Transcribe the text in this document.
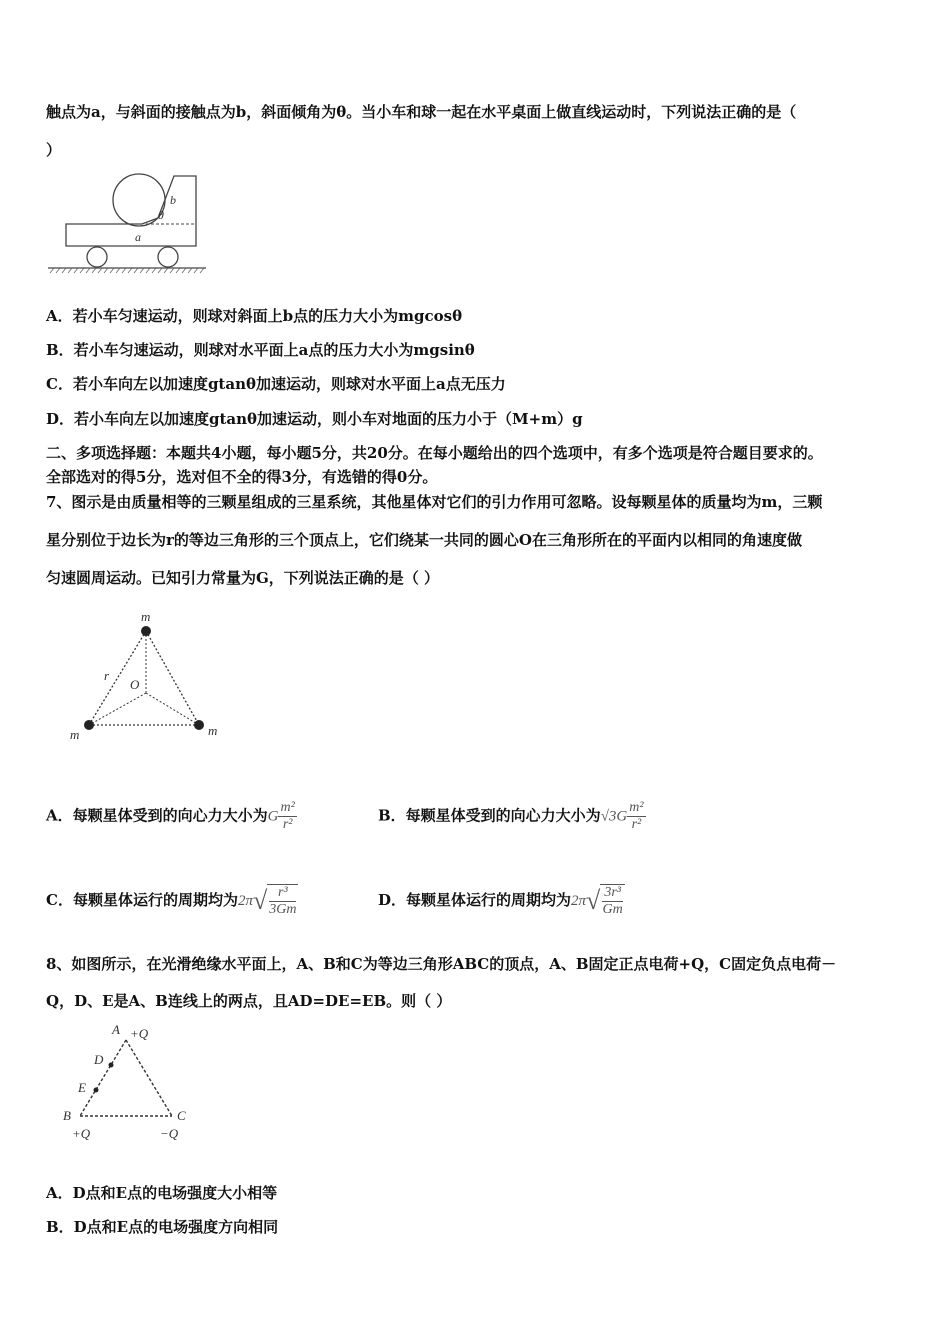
触点为a，与斜面的接触点为b，斜面倾角为θ。当小车和球一起在水平桌面上做直线运动时，下列说法正确的是（
）
a
b
θ
A．若小车匀速运动，则球对斜面上b点的压力大小为mgcosθ
B．若小车匀速运动，则球对水平面上a点的压力大小为mgsinθ
C．若小车向左以加速度gtanθ加速运动，则球对水平面上a点无压力
D．若小车向左以加速度gtanθ加速运动，则小车对地面的压力小于（M+m）g
二、多项选择题：本题共4小题，每小题5分，共20分。在每小题给出的四个选项中，有多个选项是符合题目要求的。
全部选对的得5分，选对但不全的得3分，有选错的得0分。
7、图示是由质量相等的三颗星组成的三星系统，其他星体对它们的引力作用可忽略。设每颗星体的质量均为m，三颗
星分别位于边长为r的等边三角形的三个顶点上，它们绕某一共同的圆心O在三角形所在的平面内以相同的角速度做
匀速圆周运动。已知引力常量为G，下列说法正确的是（ ）
m
m	m
r
O
A．每颗星体受到的向心力大小为G $\frac{\text{m²}}{\text{r²}}$	B．每颗星体受到的向心力大小为$√3G \frac{\text{m²}}{\text{r²}}$
C．每颗星体运行的周期均为$2\pi√ \frac{\text{r³}}{3Gm}$	D．每颗星体运行的周期均为$2\pi√ \frac{\text{3r³}}{Gm}$
8、如图所示，在光滑绝缘水平面上，A、B和C为等边三角形ABC的顶点，A、B固定正点电荷+Q，C固定负点电荷－
Q，D、E是A、B连线上的两点，且AD=DE=EB。则（ ）
A +Q
D
E
B	C
+Q	−Q
A．D点和E点的电场强度大小相等
B．D点和E点的电场强度方向相同
